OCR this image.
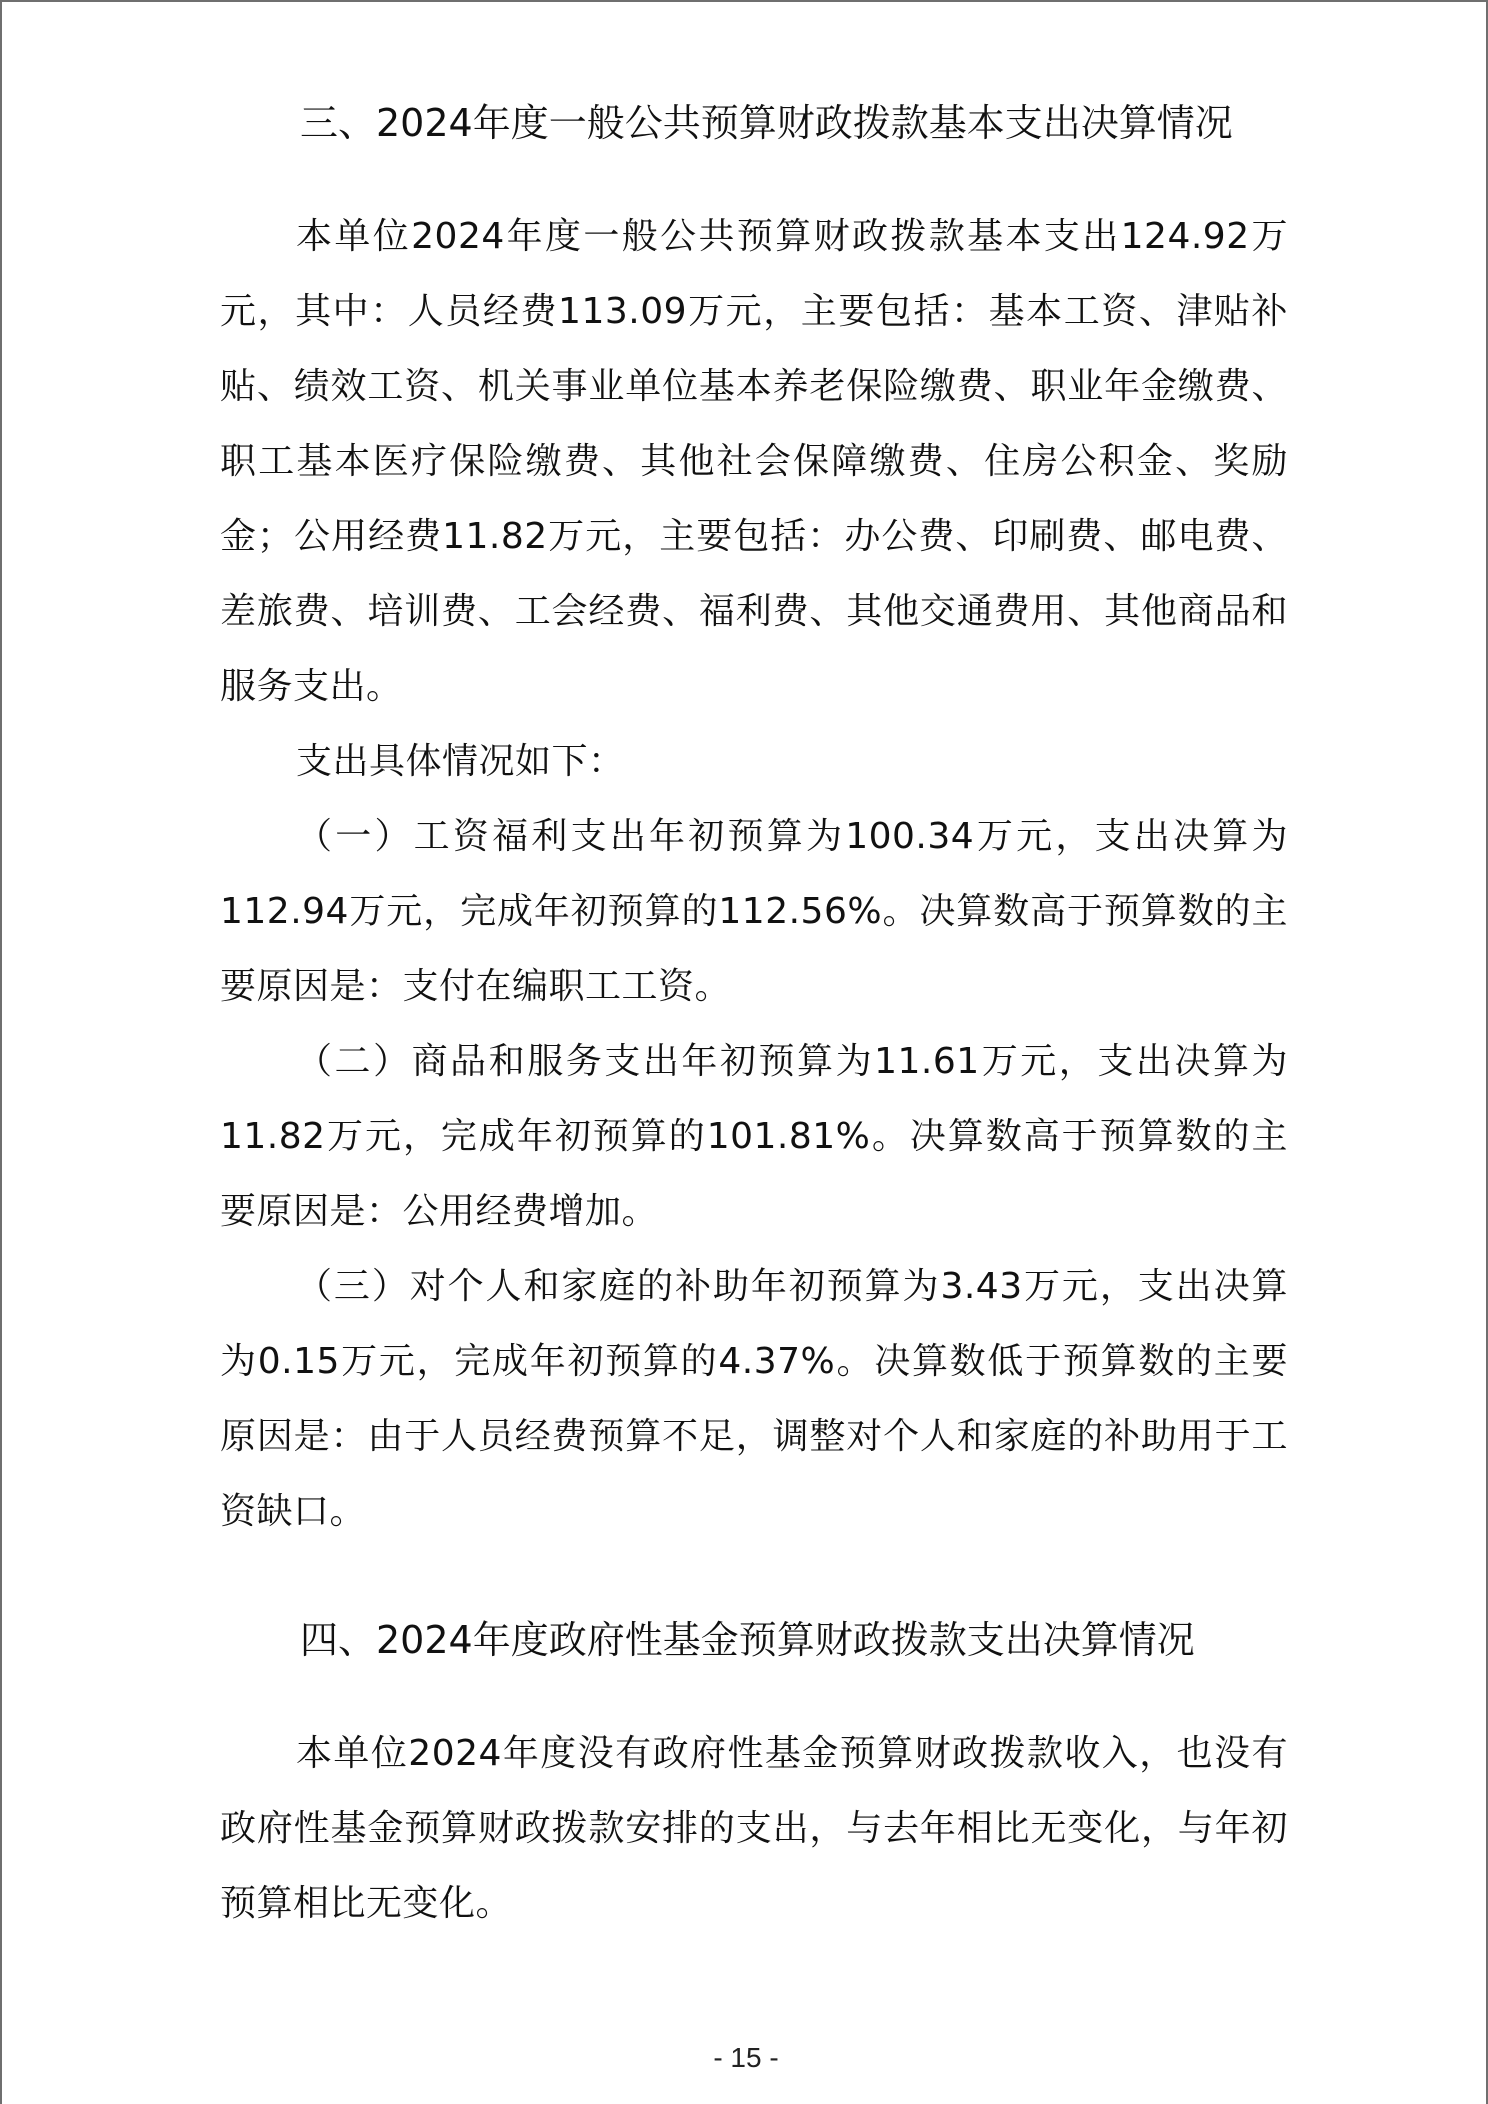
三、2024年度一般公共预算财政拨款基本支出决算情况

本单位2024年度一般公共预算财政拨款基本支出124.92万元，其中：人员经费113.09万元，主要包括：基本工资、津贴补贴、绩效工资、机关事业单位基本养老保险缴费、职业年金缴费、职工基本医疗保险缴费、其他社会保障缴费、住房公积金、奖励金；公用经费11.82万元，主要包括：办公费、印刷费、邮电费、差旅费、培训费、工会经费、福利费、其他交通费用、其他商品和服务支出。

支出具体情况如下：

（一）工资福利支出年初预算为100.34万元，支出决算为112.94万元，完成年初预算的112.56%。决算数高于预算数的主要原因是：支付在编职工工资。

（二）商品和服务支出年初预算为11.61万元，支出决算为11.82万元，完成年初预算的101.81%。决算数高于预算数的主要原因是：公用经费增加。

（三）对个人和家庭的补助年初预算为3.43万元，支出决算为0.15万元，完成年初预算的4.37%。决算数低于预算数的主要原因是：由于人员经费预算不足，调整对个人和家庭的补助用于工资缺口。

四、2024年度政府性基金预算财政拨款支出决算情况

本单位2024年度没有政府性基金预算财政拨款收入，也没有政府性基金预算财政拨款安排的支出，与去年相比无变化，与年初预算相比无变化。

- 15 -
